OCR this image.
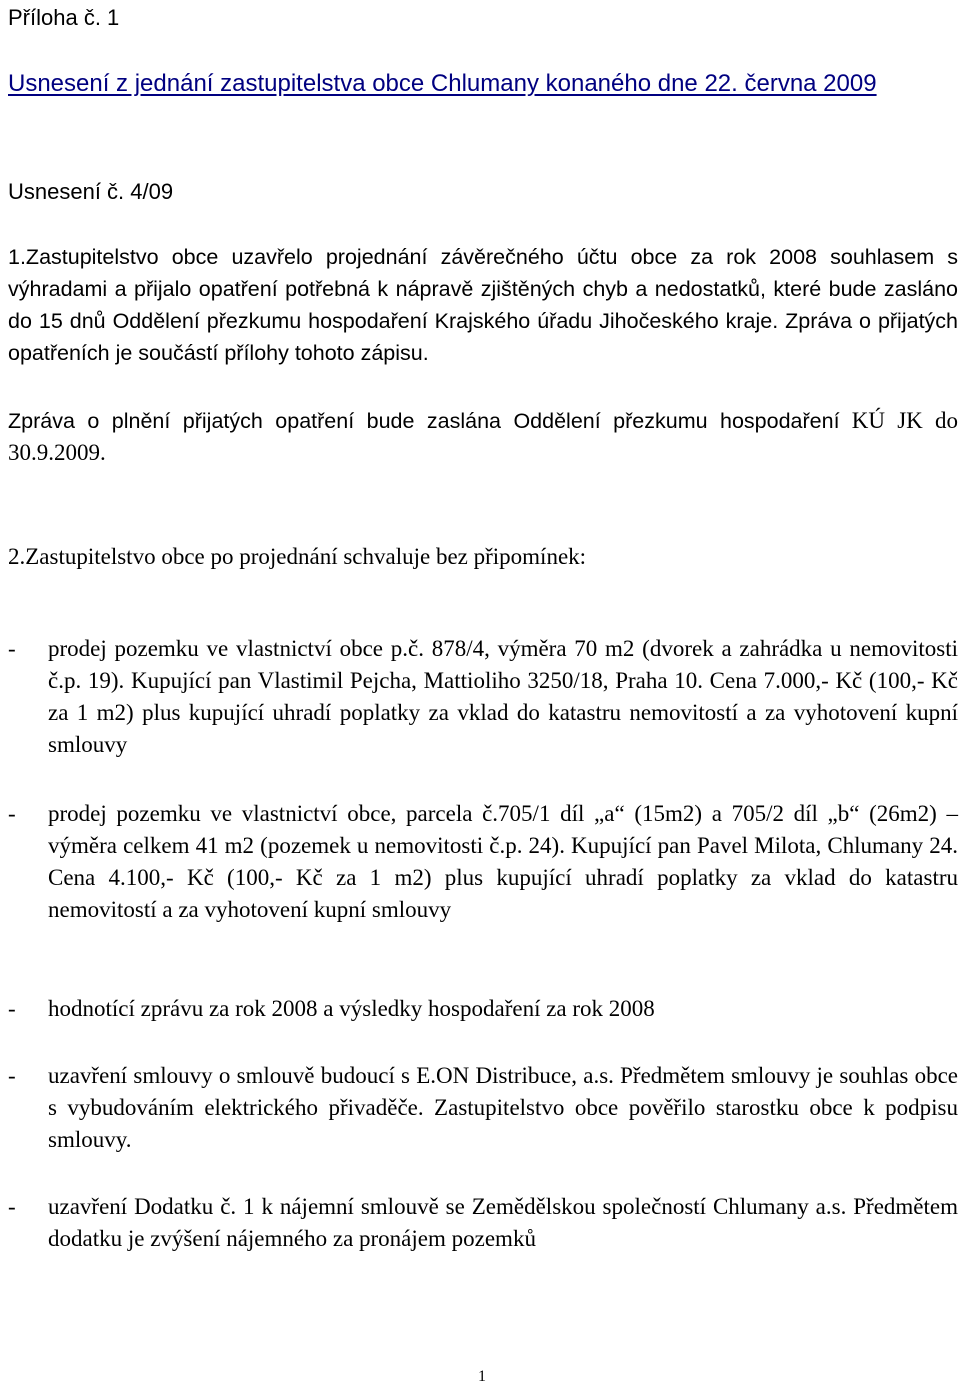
Příloha č. 1
Usnesení z jednání zastupitelstva obce Chlumany konaného dne 22. června 2009
Usnesení č. 4/09
1.Zastupitelstvo obce uzavřelo projednání závěrečného účtu obce za rok 2008 souhlasem s výhradami a přijalo opatření potřebná k nápravě zjištěných chyb a nedostatků, které bude zasláno do 15 dnů Oddělení přezkumu hospodaření Krajského úřadu Jihočeského kraje. Zpráva o přijatých opatřeních je součástí přílohy tohoto zápisu.
Zpráva o plnění přijatých opatření bude zaslána Oddělení přezkumu hospodaření KÚ JK do 30.9.2009.
2.Zastupitelstvo obce po projednání schvaluje bez připomínek:
-	prodej pozemku ve vlastnictví obce p.č. 878/4, výměra 70 m2 (dvorek a zahrádka u nemovitosti č.p. 19). Kupující pan Vlastimil Pejcha, Mattioliho 3250/18, Praha 10. Cena 7.000,- Kč (100,- Kč za 1 m2) plus kupující uhradí poplatky za vklad do katastru nemovitostí a za vyhotovení kupní smlouvy
-	prodej pozemku ve vlastnictví obce, parcela č.705/1 díl „a“ (15m2) a 705/2 díl „b“ (26m2) – výměra celkem 41 m2 (pozemek u nemovitosti č.p. 24). Kupující pan Pavel Milota, Chlumany 24. Cena 4.100,- Kč (100,- Kč za 1 m2) plus kupující uhradí poplatky za vklad do katastru nemovitostí a za vyhotovení kupní smlouvy
-	hodnotící zprávu za rok 2008 a výsledky hospodaření za rok 2008
-	uzavření smlouvy o smlouvě budoucí s E.ON Distribuce, a.s. Předmětem smlouvy je souhlas obce s vybudováním elektrického přivaděče. Zastupitelstvo obce pověřilo starostku obce k podpisu smlouvy.
-	uzavření Dodatku č. 1 k nájemní smlouvě se Zemědělskou společností Chlumany a.s. Předmětem dodatku je zvýšení nájemného za pronájem pozemků
1
